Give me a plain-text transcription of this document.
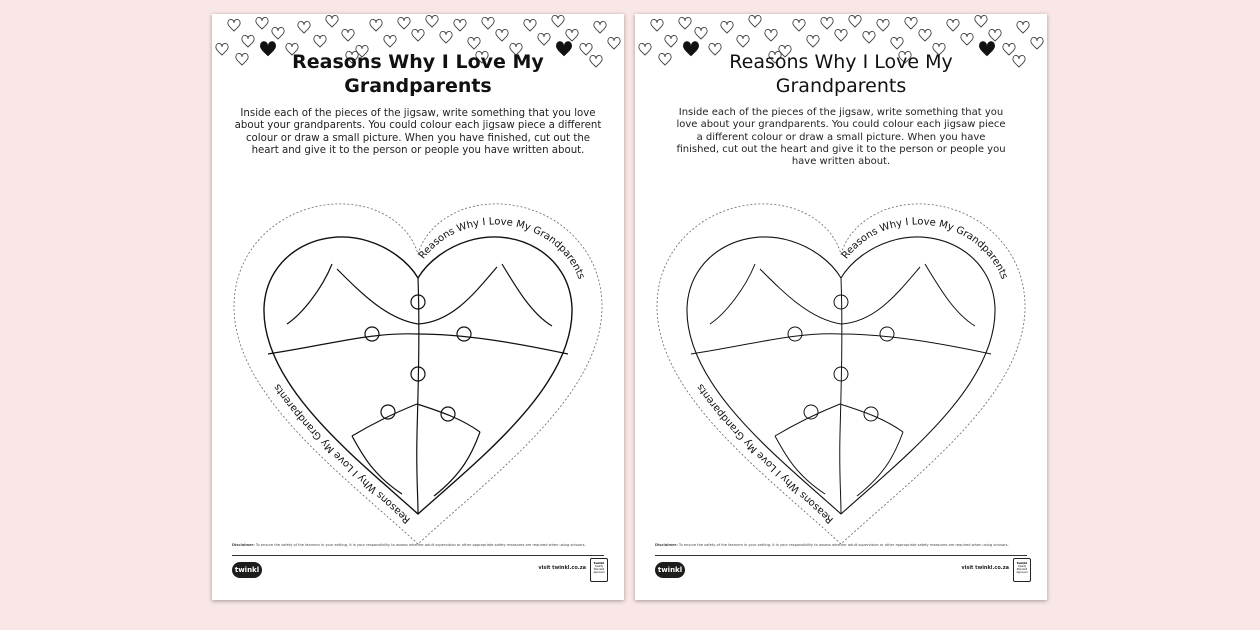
Reasons Why I Love My
Grandparents

Inside each of the pieces of the jigsaw, write something that you love about your grandparents. You could colour each jigsaw piece a different colour or draw a small picture. When you have finished, cut out the heart and give it to the person or people you have written about.

Reasons Why I Love My Grandparents
Reasons Why I Love My Grandparents
Disclaimer: To ensure the safety of the learners in your setting, it is your responsibility to assess whether adult supervision or other appropriate safety measures are required when using scissors.
twinkl	visit twinkl.co.za
twinkl
Quality Standard Approved
Reasons Why I Love My
Grandparents

Inside each of the pieces of the jigsaw, write something that you love about your grandparents. You could colour each jigsaw piece a different colour or draw a small picture. When you have finished, cut out the heart and give it to the person or people you have written about.

Reasons Why I Love My Grandparents
Reasons Why I Love My Grandparents
Disclaimer: To ensure the safety of the learners in your setting, it is your responsibility to assess whether adult supervision or other appropriate safety measures are required when using scissors.
twinkl	visit twinkl.co.za
twinkl
Quality Standard Approved
